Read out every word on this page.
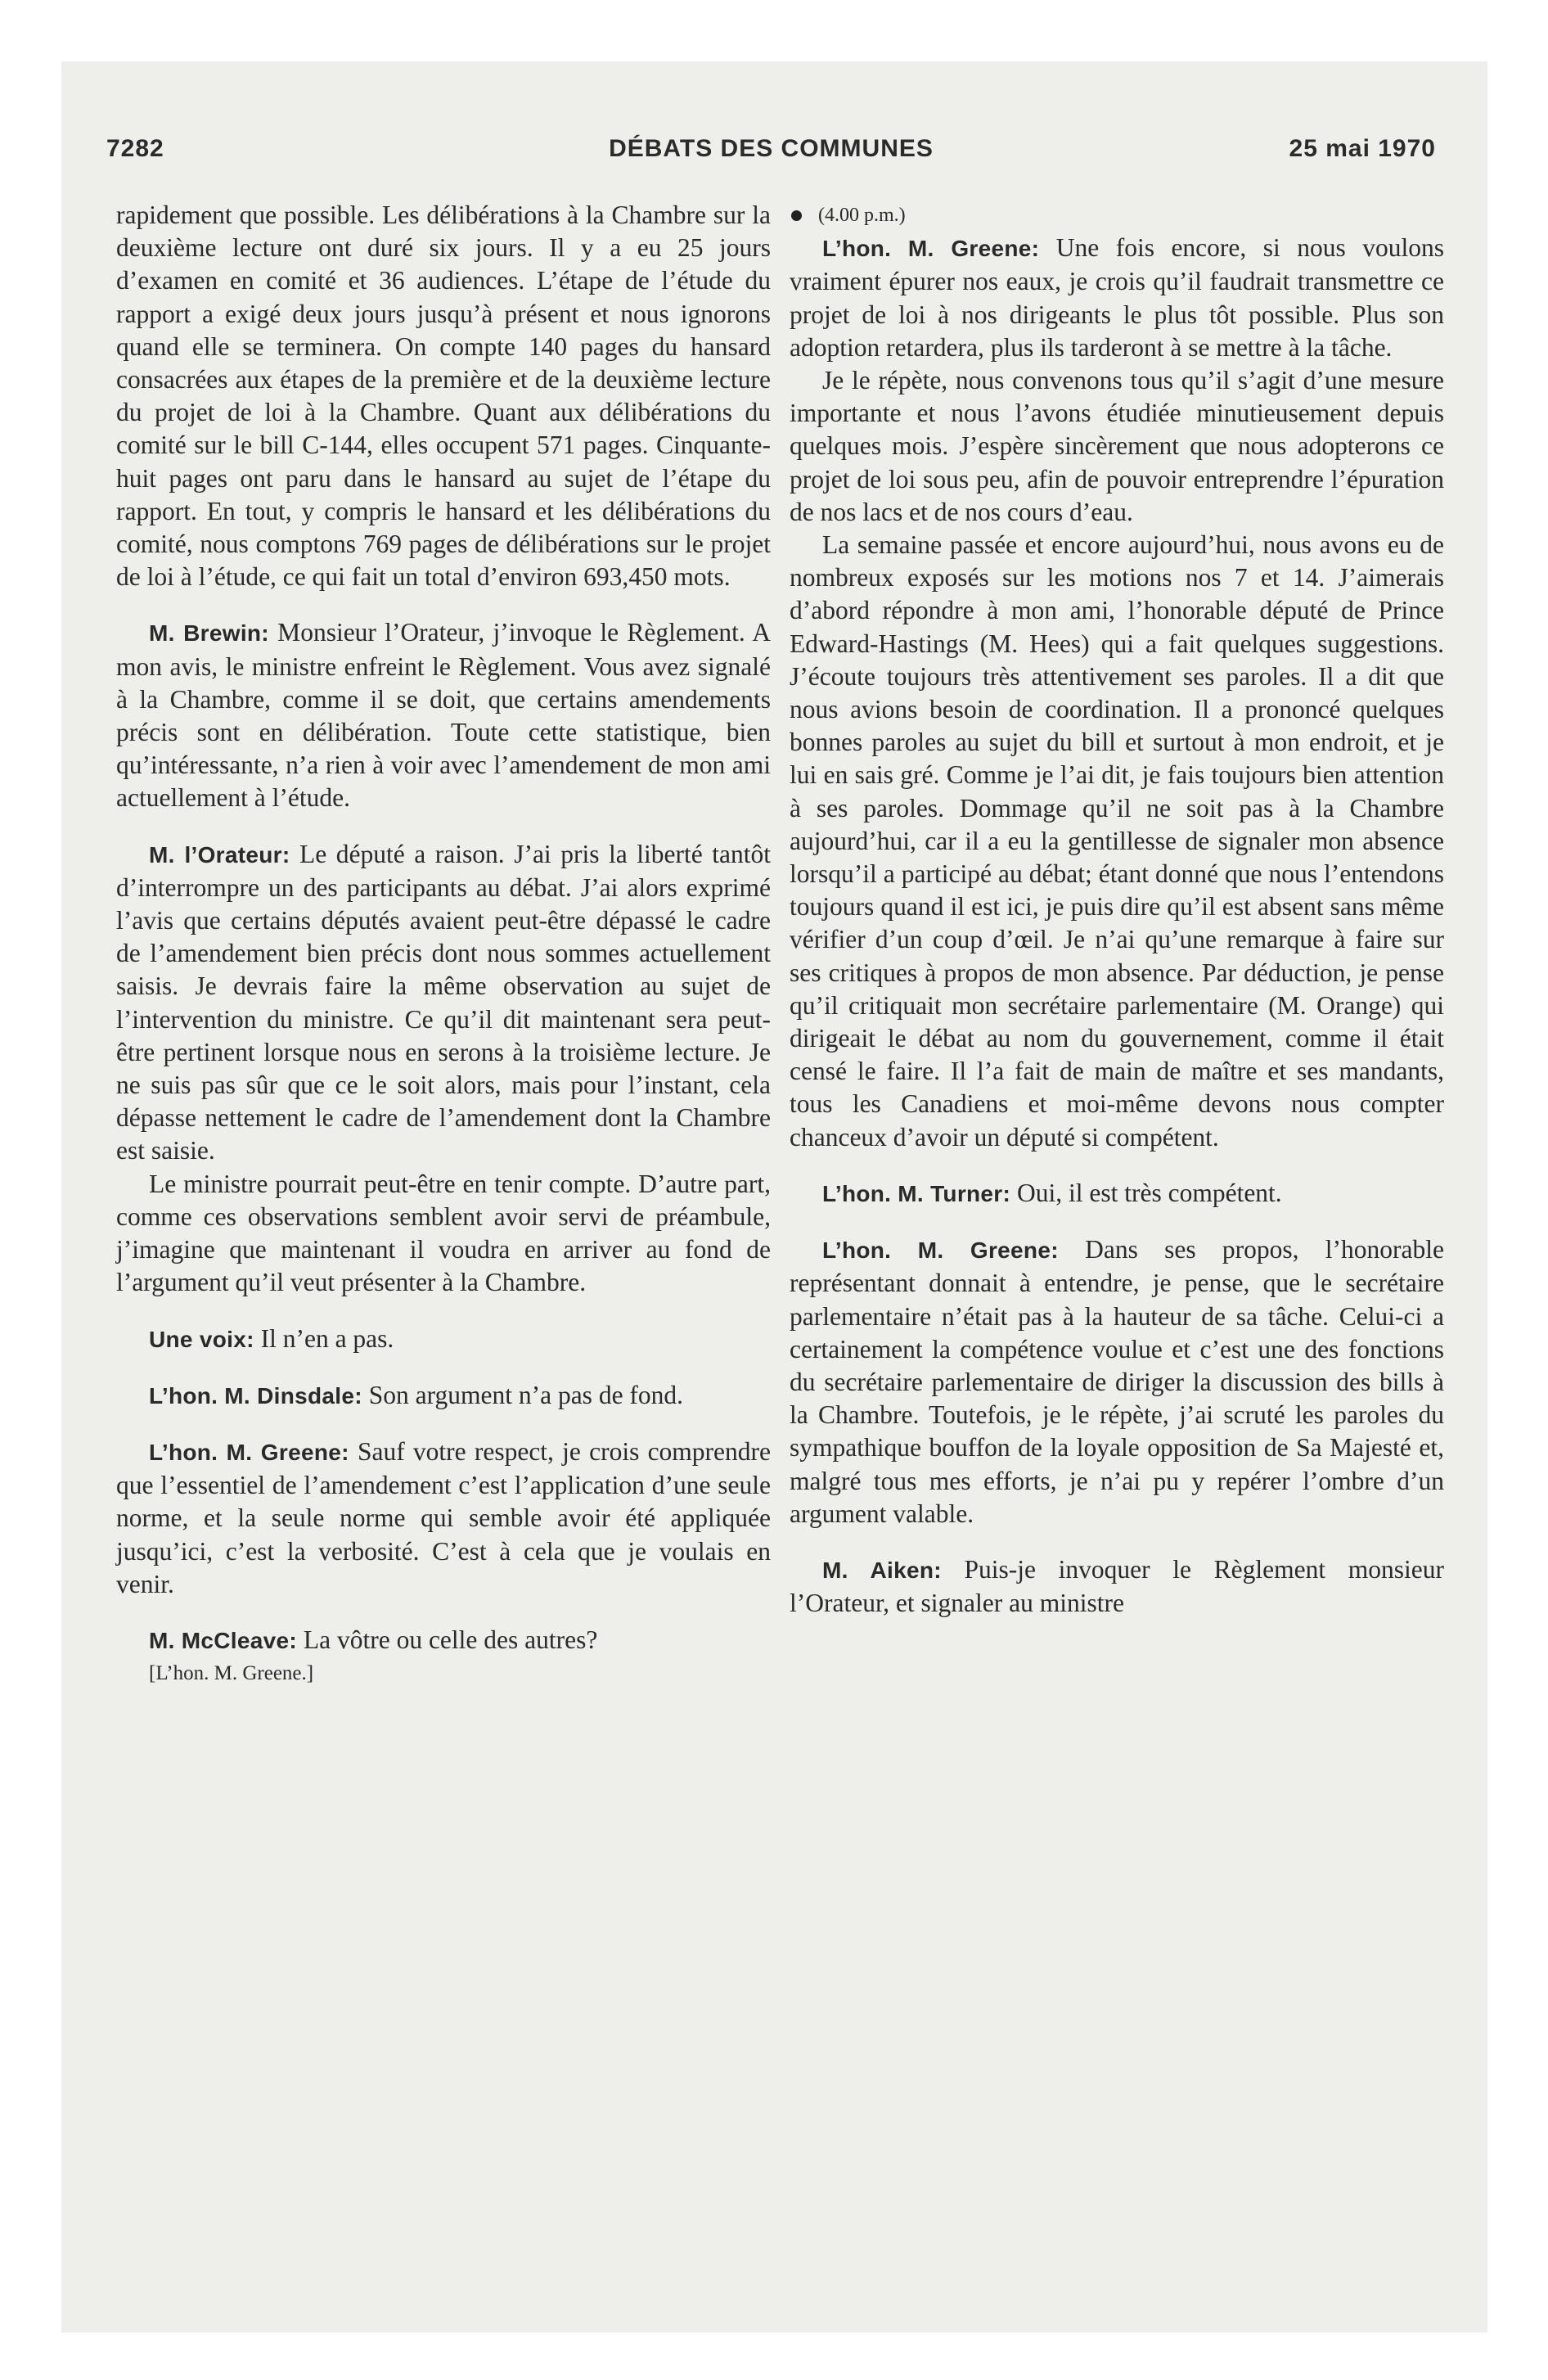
7282	DÉBATS DES COMMUNES	25 mai 1970

rapidement que possible. Les délibérations à la Chambre sur la deuxième lecture ont duré six jours. Il y a eu 25 jours d’examen en comité et 36 audiences. L’étape de l’étude du rapport a exigé deux jours jusqu’à présent et nous ignorons quand elle se terminera. On compte 140 pages du hansard consacrées aux étapes de la première et de la deuxième lecture du projet de loi à la Chambre. Quant aux délibérations du comité sur le bill C-144, elles occupent 571 pages. Cinquante-huit pages ont paru dans le hansard au sujet de l’étape du rapport. En tout, y compris le hansard et les délibérations du comité, nous comptons 769 pages de délibérations sur le projet de loi à l’étude, ce qui fait un total d’environ 693,450 mots.

M. Brewin: Monsieur l’Orateur, j’invoque le Règlement. A mon avis, le ministre enfreint le Règlement. Vous avez signalé à la Chambre, comme il se doit, que certains amendements précis sont en délibération. Toute cette statistique, bien qu’intéressante, n’a rien à voir avec l’amendement de mon ami actuellement à l’étude.

M. l’Orateur: Le député a raison. J’ai pris la liberté tantôt d’interrompre un des participants au débat. J’ai alors exprimé l’avis que certains députés avaient peut-être dépassé le cadre de l’amendement bien précis dont nous sommes actuellement saisis. Je devrais faire la même observation au sujet de l’intervention du ministre. Ce qu’il dit maintenant sera peut-être pertinent lorsque nous en serons à la troisième lecture. Je ne suis pas sûr que ce le soit alors, mais pour l’instant, cela dépasse nettement le cadre de l’amendement dont la Chambre est saisie.

Le ministre pourrait peut-être en tenir compte. D’autre part, comme ces observations semblent avoir servi de préambule, j’imagine que maintenant il voudra en arriver au fond de l’argument qu’il veut présenter à la Chambre.

Une voix: Il n’en a pas.

L’hon. M. Dinsdale: Son argument n’a pas de fond.

L’hon. M. Greene: Sauf votre respect, je crois comprendre que l’essentiel de l’amendement c’est l’application d’une seule norme, et la seule norme qui semble avoir été appliquée jusqu’ici, c’est la verbosité. C’est à cela que je voulais en venir.

M. McCleave: La vôtre ou celle des autres?

[L’hon. M. Greene.]

(4.00 p.m.)

L’hon. M. Greene: Une fois encore, si nous voulons vraiment épurer nos eaux, je crois qu’il faudrait transmettre ce projet de loi à nos dirigeants le plus tôt possible. Plus son adoption retardera, plus ils tarderont à se mettre à la tâche.

Je le répète, nous convenons tous qu’il s’agit d’une mesure importante et nous l’avons étudiée minutieusement depuis quelques mois. J’espère sincèrement que nous adopterons ce projet de loi sous peu, afin de pouvoir entreprendre l’épuration de nos lacs et de nos cours d’eau.

La semaine passée et encore aujourd’hui, nous avons eu de nombreux exposés sur les motions nos 7 et 14. J’aimerais d’abord répondre à mon ami, l’honorable député de Prince Edward-Hastings (M. Hees) qui a fait quelques suggestions. J’écoute toujours très attentivement ses paroles. Il a dit que nous avions besoin de coordination. Il a prononcé quelques bonnes paroles au sujet du bill et surtout à mon endroit, et je lui en sais gré. Comme je l’ai dit, je fais toujours bien attention à ses paroles. Dommage qu’il ne soit pas à la Chambre aujourd’hui, car il a eu la gentillesse de signaler mon absence lorsqu’il a participé au débat; étant donné que nous l’entendons toujours quand il est ici, je puis dire qu’il est absent sans même vérifier d’un coup d’œil. Je n’ai qu’une remarque à faire sur ses critiques à propos de mon absence. Par déduction, je pense qu’il critiquait mon secrétaire parlementaire (M. Orange) qui dirigeait le débat au nom du gouvernement, comme il était censé le faire. Il l’a fait de main de maître et ses mandants, tous les Canadiens et moi-même devons nous compter chanceux d’avoir un député si compétent.

L’hon. M. Turner: Oui, il est très compétent.

L’hon. M. Greene: Dans ses propos, l’honorable représentant donnait à entendre, je pense, que le secrétaire parlementaire n’était pas à la hauteur de sa tâche. Celui-ci a certainement la compétence voulue et c’est une des fonctions du secrétaire parlementaire de diriger la discussion des bills à la Chambre. Toutefois, je le répète, j’ai scruté les paroles du sympathique bouffon de la loyale opposition de Sa Majesté et, malgré tous mes efforts, je n’ai pu y repérer l’ombre d’un argument valable.

M. Aiken: Puis-je invoquer le Règlement monsieur l’Orateur, et signaler au ministre
